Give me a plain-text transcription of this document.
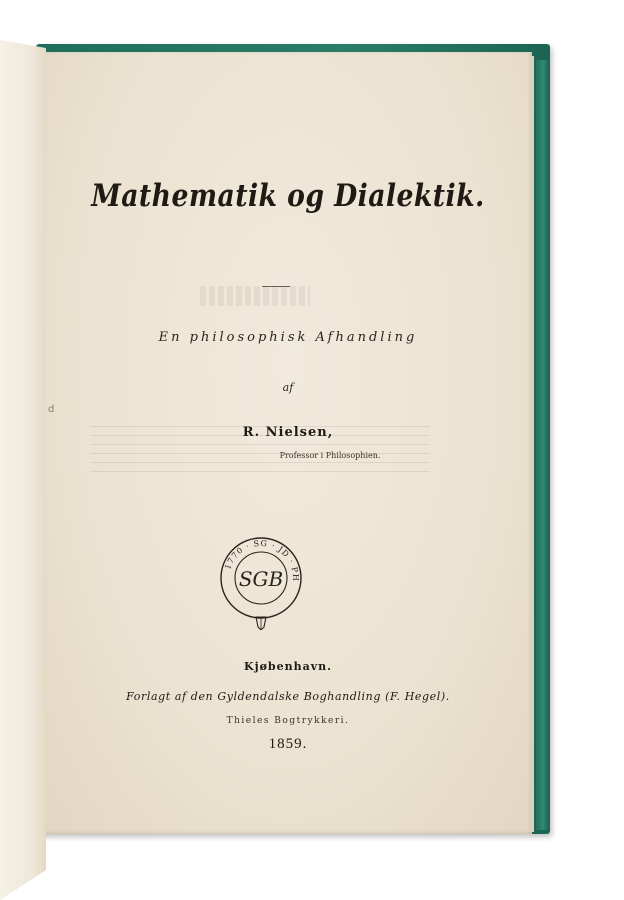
Mathematik og Dialektik.
En philosophisk Afhandling
af
R. Nielsen,
Professor i Philosophien.
1770 · SG · JD · PH
SGB
Kjøbenhavn.
Forlagt af den Gyldendalske Boghandling (F. Hegel).
Thieles Bogtrykkeri.
1859.
d
